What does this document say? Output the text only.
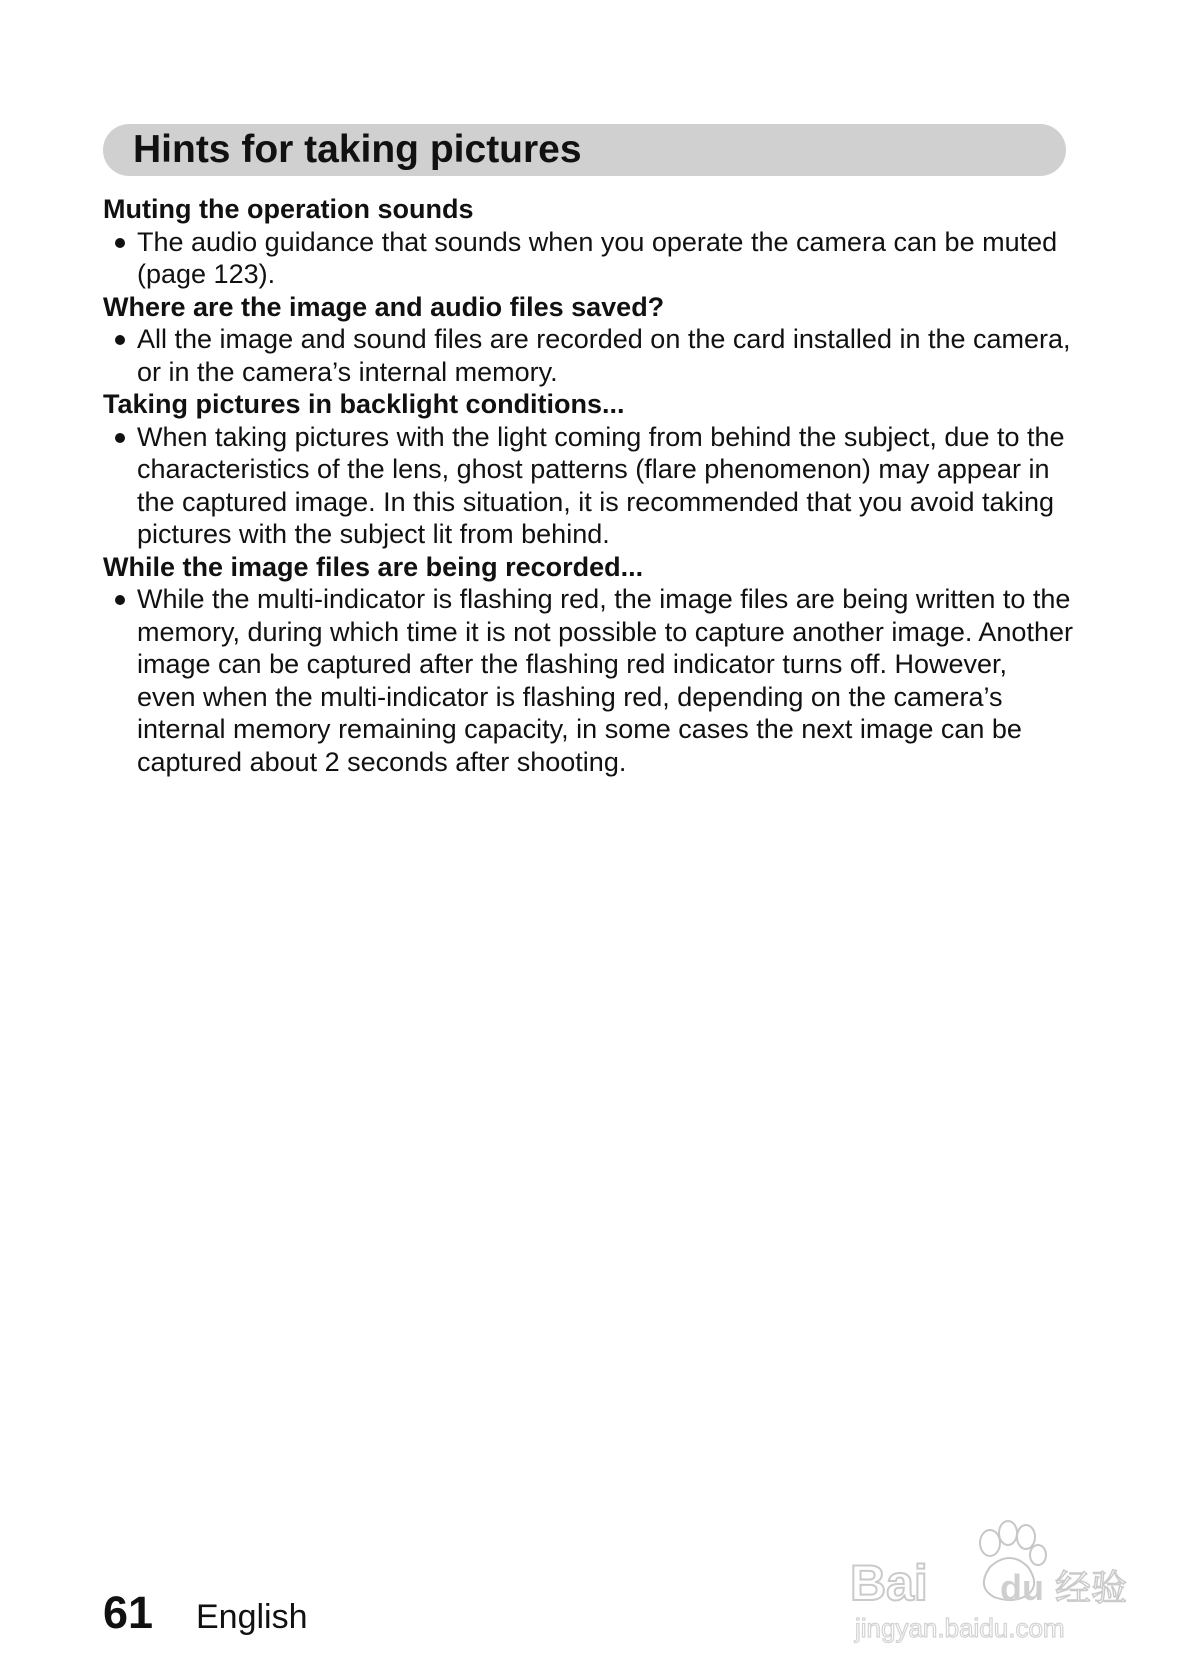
Hints for taking pictures

Muting the operation sounds

The audio guidance that sounds when you operate the camera can be muted (page 123).

Where are the image and audio files saved?

All the image and sound files are recorded on the card installed in the camera, or in the camera’s internal memory.

Taking pictures in backlight conditions...

When taking pictures with the light coming from behind the subject, due to the characteristics of the lens, ghost patterns (flare phenomenon) may appear in the captured image. In this situation, it is recommended that you avoid taking pictures with the subject lit from behind.

While the image files are being recorded...

While the multi-indicator is flashing red, the image files are being written to the memory, during which time it is not possible to capture another image. Another image can be captured after the flashing red indicator turns off. However, even when the multi-indicator is flashing red, depending on the camera’s internal memory remaining capacity, in some cases the next image can be captured about 2 seconds after shooting.
61 English
Bai du 经验
jingyan.baidu.com
